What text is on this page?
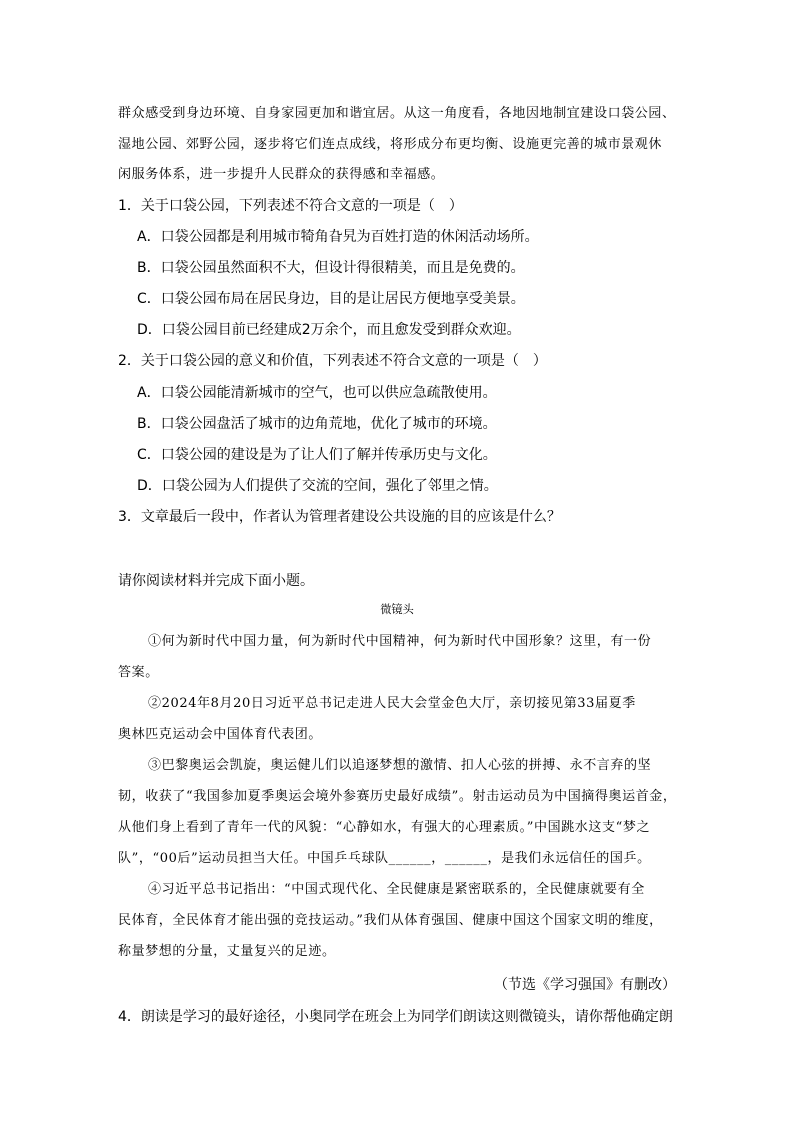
群众感受到身边环境、自身家园更加和谐宜居。从这一角度看，各地因地制宜建设口袋公园、
湿地公园、郊野公园，逐步将它们连点成线，将形成分布更均衡、设施更完善的城市景观休
闲服务体系，进一步提升人民群众的获得感和幸福感。
1．关于口袋公园，下列表述不符合文意的一项是（　）
A．口袋公园都是利用城市犄角旮旯为百姓打造的休闲活动场所。
B．口袋公园虽然面积不大，但设计得很精美，而且是免费的。
C．口袋公园布局在居民身边，目的是让居民方便地享受美景。
D．口袋公园目前已经建成2万余个，而且愈发受到群众欢迎。
2．关于口袋公园的意义和价值，下列表述不符合文意的一项是（　）
A．口袋公园能清新城市的空气，也可以供应急疏散使用。
B．口袋公园盘活了城市的边角荒地，优化了城市的环境。
C．口袋公园的建设是为了让人们了解并传承历史与文化。
D．口袋公园为人们提供了交流的空间，强化了邻里之情。
3．文章最后一段中，作者认为管理者建设公共设施的目的应该是什么？
请你阅读材料并完成下面小题。
微镜头
①何为新时代中国力量，何为新时代中国精神，何为新时代中国形象？这里，有一份
答案。
②2024年8月20日习近平总书记走进人民大会堂金色大厅，亲切接见第33届夏季
奥林匹克运动会中国体育代表团。
③巴黎奥运会凯旋，奥运健儿们以追逐梦想的激情、扣人心弦的拼搏、永不言弃的坚
韧，收获了“我国参加夏季奥运会境外参赛历史最好成绩”。射击运动员为中国摘得奥运首金，
从他们身上看到了青年一代的风貌：“心静如水，有强大的心理素质。”中国跳水这支“梦之
队”，“00后”运动员担当大任。中国乒乓球队______，______，是我们永远信任的国乒。
④习近平总书记指出：“中国式现代化、全民健康是紧密联系的，全民健康就要有全
民体育，全民体育才能出强的竞技运动。”我们从体育强国、健康中国这个国家文明的维度，
称量梦想的分量，丈量复兴的足迹。
（节选《学习强国》有删改）
4．朗读是学习的最好途径，小奥同学在班会上为同学们朗读这则微镜头，请你帮他确定朗
